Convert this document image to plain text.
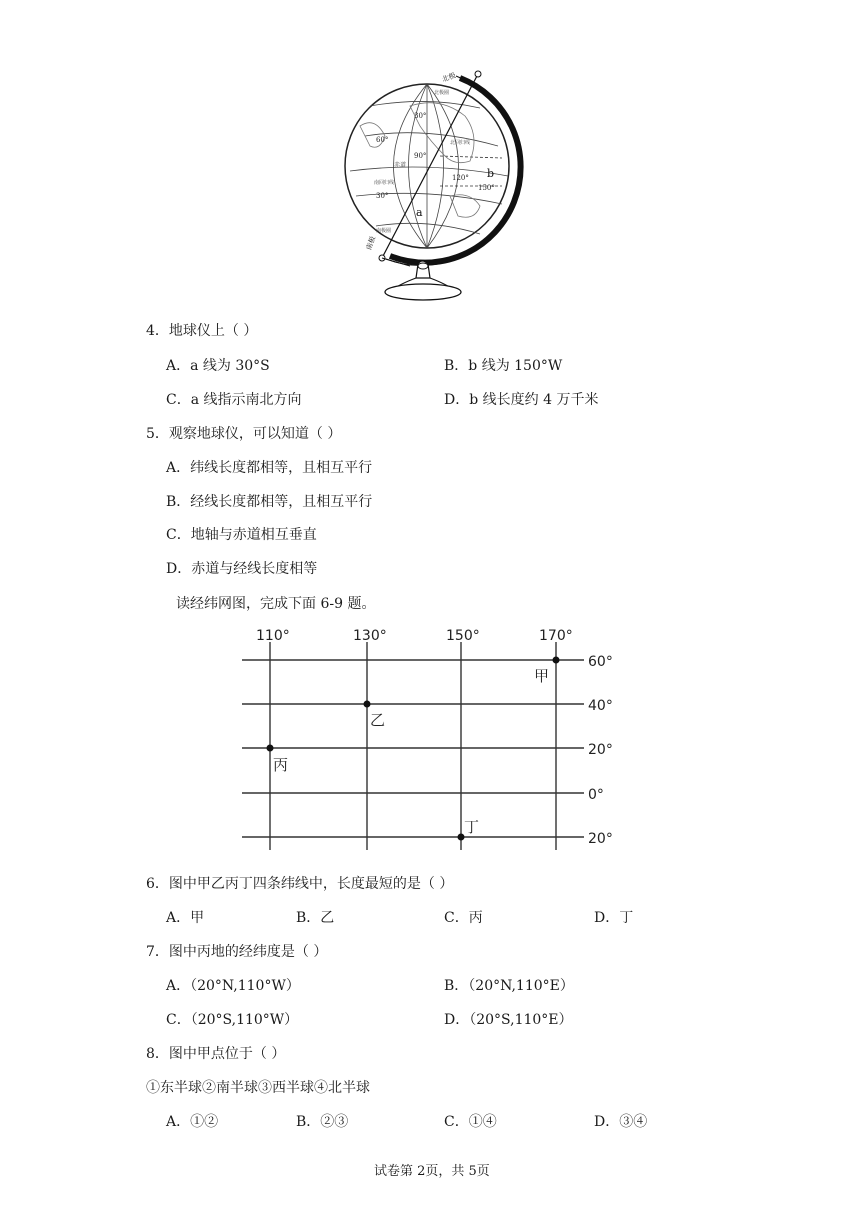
北极
南极
北极圈
南极圈
北回归线
南回归线
赤道
30°
30°
60°
90°
120°
150°
a
b
4．地球仪上（ ）
A．a 线为 30°S	B．b 线为 150°W
C．a 线指示南北方向	D．b 线长度约 4 万千米
5．观察地球仪，可以知道（ ）
A．纬线长度都相等，且相互平行
B．经线长度都相等，且相互平行
C．地轴与赤道相互垂直
D．赤道与经线长度相等
读经纬网图，完成下面 6-9 题。
110°	130°	150°	170°
60°
40°
20°
0°
20°
甲
乙
丙
丁
6．图中甲乙丙丁四条纬线中，长度最短的是（ ）
A．甲	B．乙	C．丙	D．丁
7．图中丙地的经纬度是（ ）
A．（20°N,110°W）	B．（20°N,110°E）
C．（20°S,110°W）	D．（20°S,110°E）
8．图中甲点位于（ ）
①东半球②南半球③西半球④北半球
A．①②	B．②③	C．①④	D．③④
试卷第 2页，共 5页
